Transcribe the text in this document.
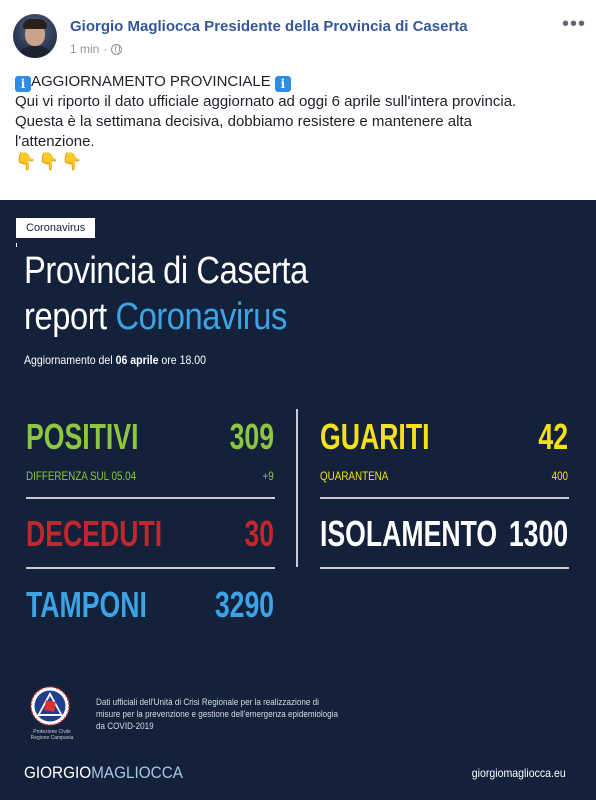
Giorgio Magliocca Presidente della Provincia di Caserta
1 min ·
•••
i AGGIORNAMENTO PROVINCIALE i
Qui vi riporto il dato ufficiale aggiornato ad oggi 6 aprile sull'intera provincia.
Questa è la settimana decisiva, dobbiamo resistere e mantenere alta
l'attenzione.
👇👇👇
Coronavirus
Provincia di Caserta
report Coronavirus
Aggiornamento del 06 aprile ore 18.00
POSITIVI	309
DIFFERENZA SUL 05.04	+9
DECEDUTI 30
TAMPONI 3290
GUARITI	42
QUARANTENA	400
ISOLAMENTO 1300
Protezione Civile Regione Campania
Dati ufficiali dell'Unità di Crisi Regionale per la realizzazione di misure per la prevenzione e gestione dell'emergenza epidemiologia da COVID-2019
GIORGIOMAGLIOCCA	giorgiomagliocca.eu
